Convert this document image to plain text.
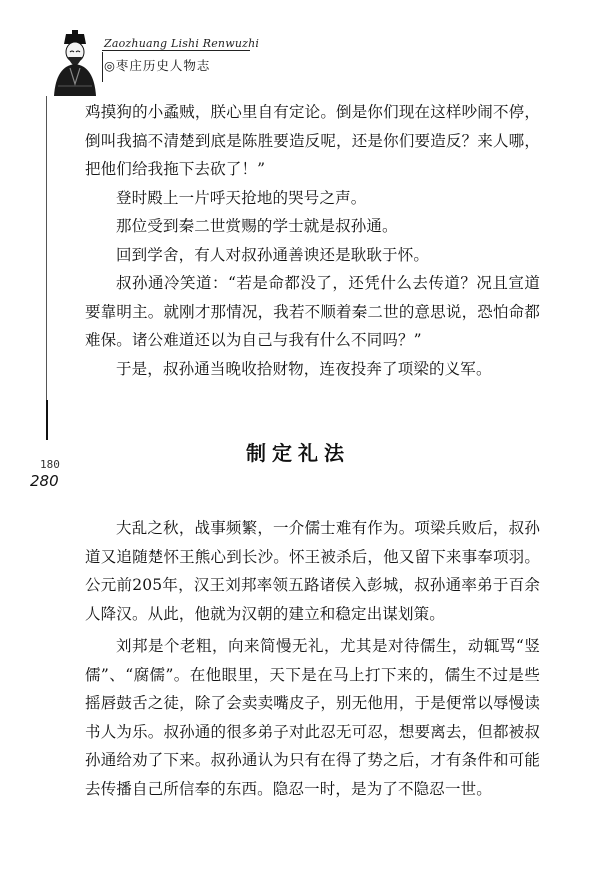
Zaozhuang Lishi Renwuzhi
◎枣庄历史人物志
180
280

鸡摸狗的小蟊贼，朕心里自有定论。倒是你们现在这样吵闹不停，倒叫我搞不清楚到底是陈胜要造反呢，还是你们要造反？来人哪，把他们给我拖下去砍了！”

登时殿上一片呼天抢地的哭号之声。

那位受到秦二世赏赐的学士就是叔孙通。

回到学舍，有人对叔孙通善谀还是耿耿于怀。

叔孙通冷笑道：“若是命都没了，还凭什么去传道？况且宣道要靠明主。就刚才那情况，我若不顺着秦二世的意思说，恐怕命都难保。诸公难道还以为自己与我有什么不同吗？”

于是，叔孙通当晚收拾财物，连夜投奔了项梁的义军。

制定礼法

大乱之秋，战事频繁，一介儒士难有作为。项梁兵败后，叔孙道又追随楚怀王熊心到长沙。怀王被杀后，他又留下来事奉项羽。公元前205年，汉王刘邦率领五路诸侯入彭城，叔孙通率弟于百余人降汉。从此，他就为汉朝的建立和稳定出谋划策。

刘邦是个老粗，向来简慢无礼，尤其是对待儒生，动辄骂“竖儒”、“腐儒”。在他眼里，天下是在马上打下来的，儒生不过是些摇唇鼓舌之徒，除了会卖卖嘴皮子，别无他用，于是便常以辱慢读书人为乐。叔孙通的很多弟子对此忍无可忍，想要离去，但都被叔孙通给劝了下来。叔孙通认为只有在得了势之后，才有条件和可能去传播自己所信奉的东西。隐忍一时，是为了不隐忍一世。
